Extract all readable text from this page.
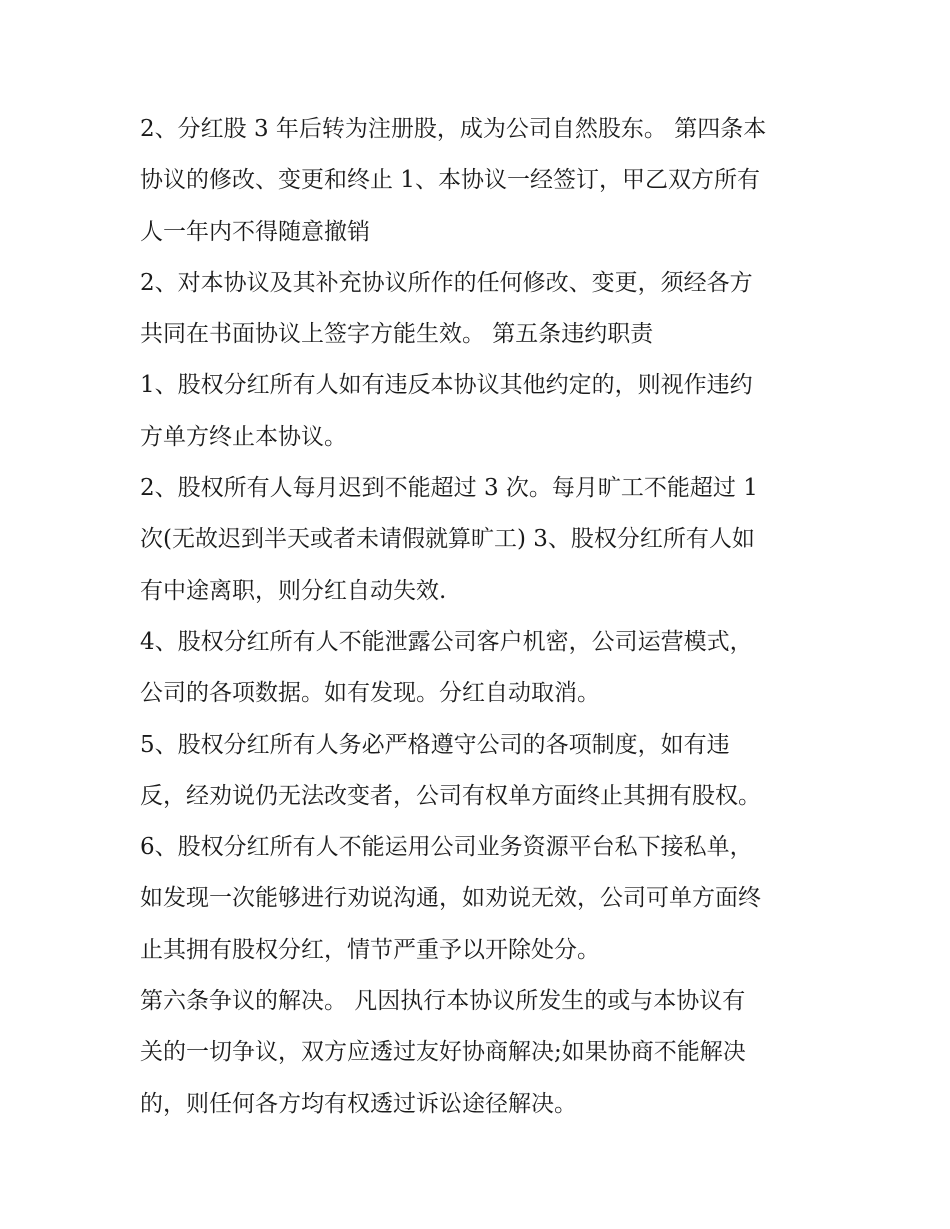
2、分红股 3 年后转为注册股，成为公司自然股东。 第四条本
协议的修改、变更和终止 1、本协议一经签订，甲乙双方所有
人一年内不得随意撤销
2、对本协议及其补充协议所作的任何修改、变更，须经各方
共同在书面协议上签字方能生效。 第五条违约职责
1、股权分红所有人如有违反本协议其他约定的，则视作违约
方单方终止本协议。
2、股权所有人每月迟到不能超过 3 次。每月旷工不能超过 1
次(无故迟到半天或者未请假就算旷工) 3、股权分红所有人如
有中途离职，则分红自动失效.
4、股权分红所有人不能泄露公司客户机密，公司运营模式，
公司的各项数据。如有发现。分红自动取消。
5、股权分红所有人务必严格遵守公司的各项制度，如有违
反，经劝说仍无法改变者，公司有权单方面终止其拥有股权。
6、股权分红所有人不能运用公司业务资源平台私下接私单，
如发现一次能够进行劝说沟通，如劝说无效，公司可单方面终
止其拥有股权分红，情节严重予以开除处分。
第六条争议的解决。 凡因执行本协议所发生的或与本协议有
关的一切争议，双方应透过友好协商解决;如果协商不能解决
的，则任何各方均有权透过诉讼途径解决。
